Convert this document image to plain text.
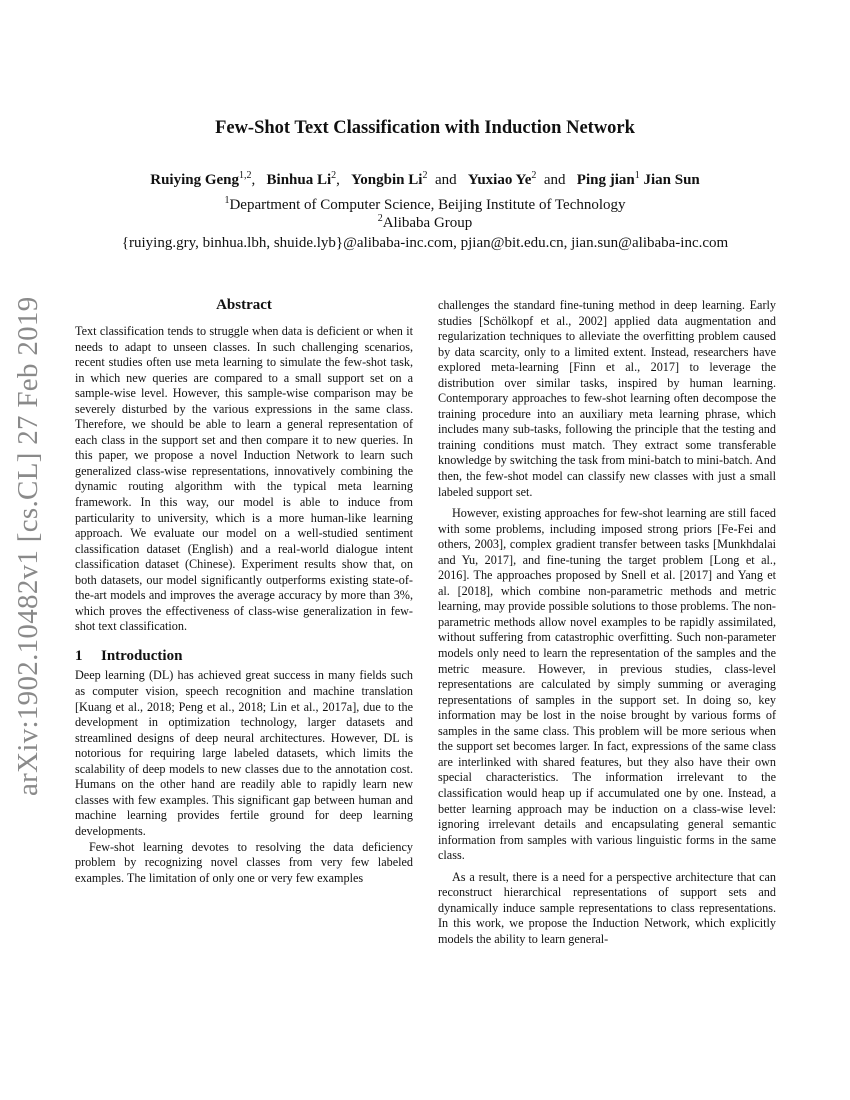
Few-Shot Text Classification with Induction Network
Ruiying Geng$^{1,2}$, Binhua Li$^2$, Yongbin Li$^2$ and Yuxiao Ye$^2$ and Ping jian$^1$ Jian Sun
$^1$Department of Computer Science, Beijing Institute of Technology
$^2$Alibaba Group
{ruiying.gry, binhua.lbh, shuide.lyb}@alibaba-inc.com, pjian@bit.edu.cn, jian.sun@alibaba-inc.com
arXiv:1902.10482v1 [cs.CL] 27 Feb 2019	Abstract

Text classification tends to struggle when data is deficient or when it needs to adapt to unseen classes. In such challenging scenarios, recent studies often use meta learning to simulate the few-shot task, in which new queries are compared to a small support set on a sample-wise level. However, this sample-wise comparison may be severely disturbed by the various expressions in the same class. Therefore, we should be able to learn a general representation of each class in the support set and then compare it to new queries. In this paper, we propose a novel Induction Network to learn such generalized class-wise representations, innovatively combining the dynamic routing algorithm with the typical meta learning framework. In this way, our model is able to induce from particularity to university, which is a more human-like learning approach. We evaluate our model on a well-studied sentiment classification dataset (English) and a real-world dialogue intent classification dataset (Chinese). Experiment results show that, on both datasets, our model significantly outperforms existing state-of-the-art models and improves the average accuracy by more than 3%, which proves the effectiveness of class-wise generalization in few-shot text classification.

1 Introduction

Deep learning (DL) has achieved great success in many fields such as computer vision, speech recognition and machine translation [Kuang et al., 2018; Peng et al., 2018; Lin et al., 2017a], due to the development in optimization technology, larger datasets and streamlined designs of deep neural architectures. However, DL is notorious for requiring large labeled datasets, which limits the scalability of deep models to new classes due to the annotation cost. Humans on the other hand are readily able to rapidly learn new classes with few examples. This significant gap between human and machine learning provides fertile ground for deep learning developments.

Few-shot learning devotes to resolving the data deficiency problem by recognizing novel classes from very few labeled examples. The limitation of only one or very few examples

challenges the standard fine-tuning method in deep learning. Early studies [Schölkopf et al., 2002] applied data augmentation and regularization techniques to alleviate the overfitting problem caused by data scarcity, only to a limited extent. Instead, researchers have explored meta-learning [Finn et al., 2017] to leverage the distribution over similar tasks, inspired by human learning. Contemporary approaches to few-shot learning often decompose the training procedure into an auxiliary meta learning phrase, which includes many sub-tasks, following the principle that the testing and training conditions must match. They extract some transferable knowledge by switching the task from mini-batch to mini-batch. And then, the few-shot model can classify new classes with just a small labeled support set.

However, existing approaches for few-shot learning are still faced with some problems, including imposed strong priors [Fe-Fei and others, 2003], complex gradient transfer between tasks [Munkhdalai and Yu, 2017], and fine-tuning the target problem [Long et al., 2016]. The approaches proposed by Snell et al. [2017] and Yang et al. [2018], which combine non-parametric methods and metric learning, may provide possible solutions to those problems. The non-parametric methods allow novel examples to be rapidly assimilated, without suffering from catastrophic overfitting. Such non-parameter models only need to learn the representation of the samples and the metric measure. However, in previous studies, class-level representations are calculated by simply summing or averaging representations of samples in the support set. In doing so, key information may be lost in the noise brought by various forms of samples in the same class. This problem will be more serious when the support set becomes larger. In fact, expressions of the same class are interlinked with shared features, but they also have their own special characteristics. The information irrelevant to the classification would heap up if accumulated one by one. Instead, a better learning approach may be induction on a class-wise level: ignoring irrelevant details and encapsulating general semantic information from samples with various linguistic forms in the same class.

As a result, there is a need for a perspective architecture that can reconstruct hierarchical representations of support sets and dynamically induce sample representations to class representations. In this work, we propose the Induction Network, which explicitly models the ability to learn general-
